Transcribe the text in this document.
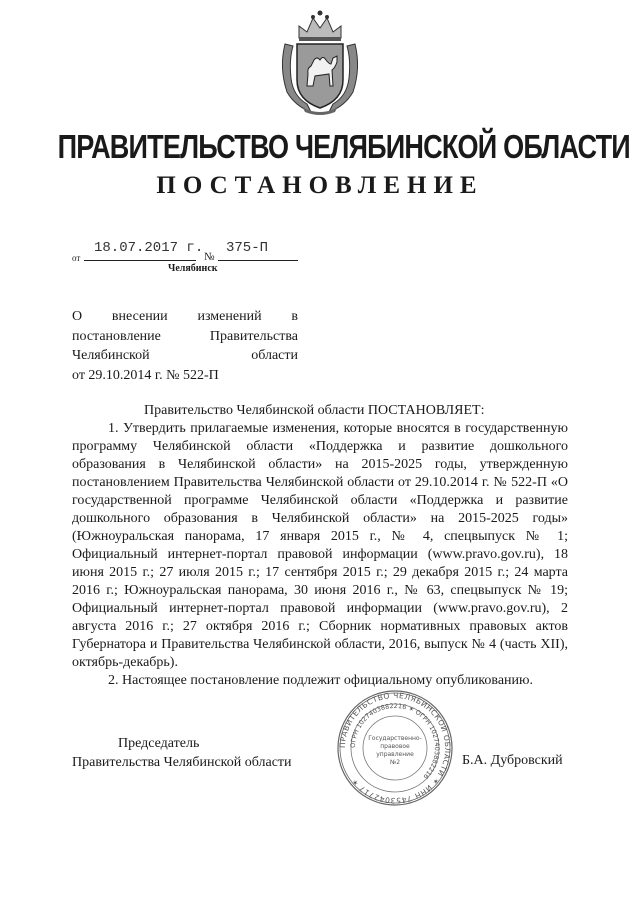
ПРАВИТЕЛЬСТВО ЧЕЛЯБИНСКОЙ ОБЛАСТИ
ПОСТАНОВЛЕНИЕ
от
18.07.2017 г.
№
375-П
Челябинск
О внесении изменений в
постановление Правительства
Челябинской области
от 29.10.2014 г. № 522-П

Правительство Челябинской области ПОСТАНОВЛЯЕТ:

1. Утвердить прилагаемые изменения, которые вносятся в государственную программу Челябинской области «Поддержка и развитие дошкольного образования в Челябинской области» на 2015-2025 годы, утвержденную постановлением Правительства Челябинской области от 29.10.2014 г. № 522-П «О государственной программе Челябинской области «Поддержка и развитие дошкольного образования в Челябинской области» на 2015-2025 годы» (Южноуральская панорама, 17 января 2015 г., № 4, спецвыпуск № 1; Официальный интернет-портал правовой информации (www.pravo.gov.ru), 18 июня 2015 г.; 27 июля 2015 г.; 17 сентября 2015 г.; 29 декабря 2015 г.; 24 марта 2016 г.; Южноуральская панорама, 30 июня 2016 г., № 63, спецвыпуск № 19; Официальный интернет-портал правовой информации (www.pravo.gov.ru), 2 августа 2016 г.; 27 октября 2016 г.; Сборник нормативных правовых актов Губернатора и Правительства Челябинской области, 2016, выпуск № 4 (часть XII), октябрь-декабрь).

2. Настоящее постановление подлежит официальному опубликованию.

Председатель
Правительства Челябинской области
ПРАВИТЕЛЬСТВО ЧЕЛЯБИНСКОЙ ОБЛАСТИ ✶ ИНН 7453042717 ✶
ОГРН 1027403882216 ✶ ОГРН 1027403882216
Государственно-
правовое
управление
№2	Б.А. Дубровский
